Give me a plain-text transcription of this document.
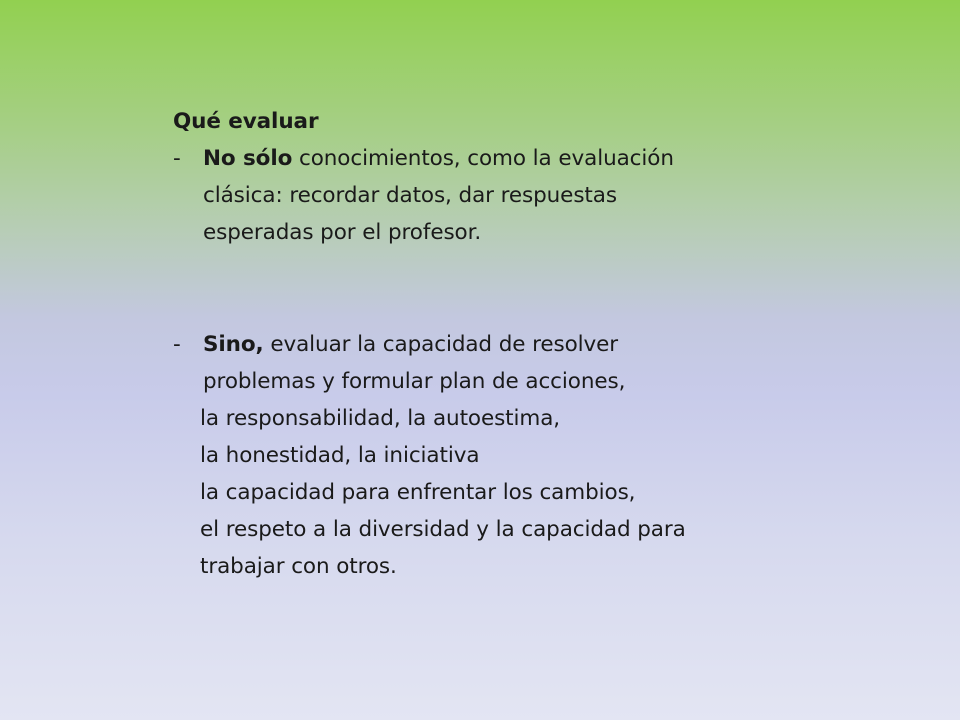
Qué evaluar

- No sólo conocimientos, como la evaluación
clásica: recordar datos, dar respuestas
esperadas por el profesor.
- Sino, evaluar la capacidad de resolver
problemas y formular plan de acciones,
la responsabilidad, la autoestima,
la honestidad, la iniciativa
la capacidad para enfrentar los cambios,
el respeto a la diversidad y la capacidad para
trabajar con otros.
